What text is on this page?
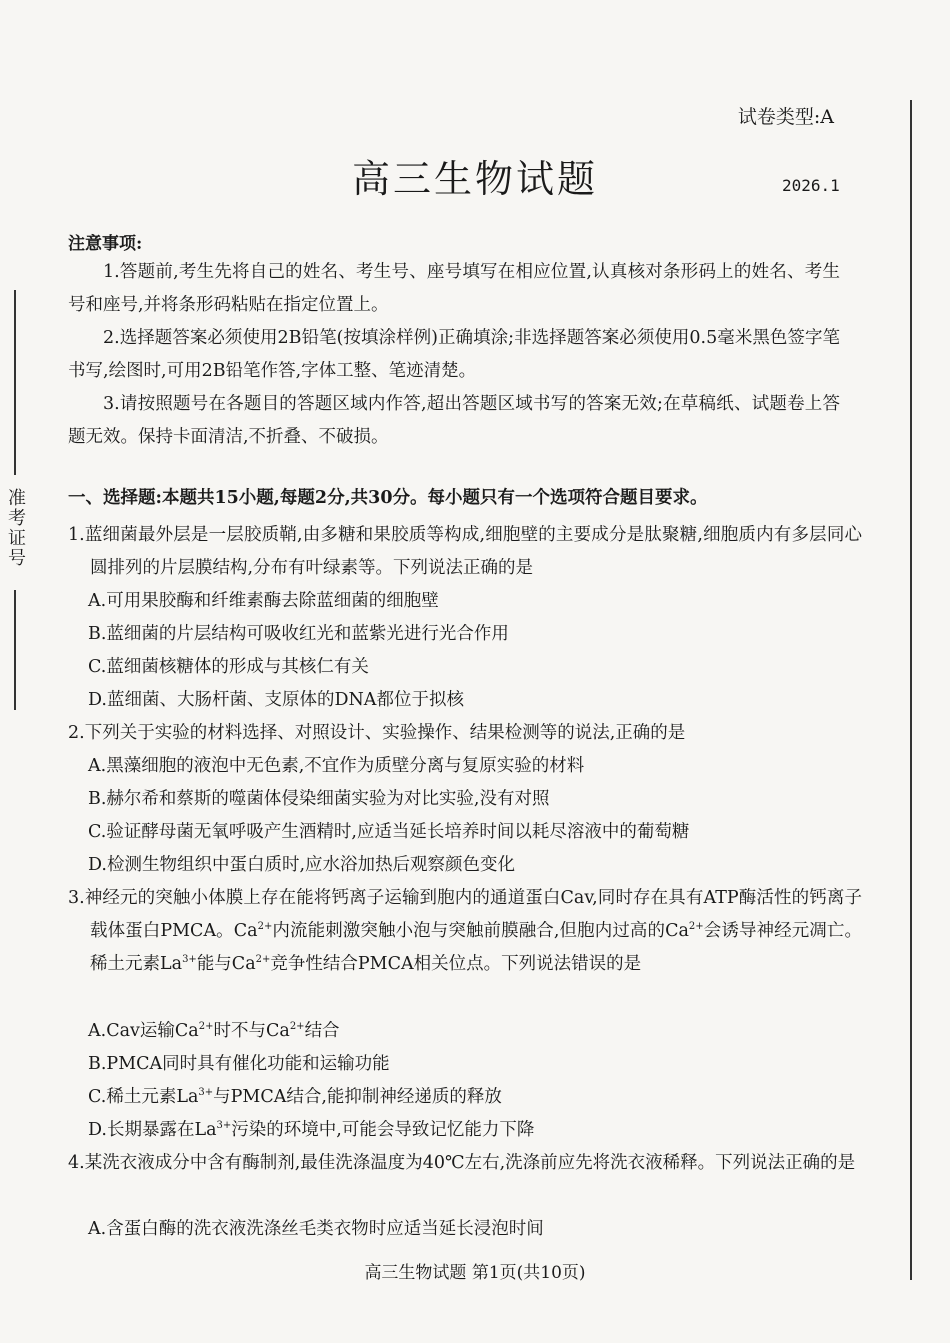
准考证号
试卷类型:A
高三生物试题	2026.1
注意事项:
1.答题前,考生先将自己的姓名、考生号、座号填写在相应位置,认真核对条形码上的姓名、考生号和座号,并将条形码粘贴在指定位置上。
2.选择题答案必须使用2B铅笔(按填涂样例)正确填涂;非选择题答案必须使用0.5毫米黑色签字笔书写,绘图时,可用2B铅笔作答,字体工整、笔迹清楚。
3.请按照题号在各题目的答题区域内作答,超出答题区域书写的答案无效;在草稿纸、试题卷上答题无效。保持卡面清洁,不折叠、不破损。
一、选择题:本题共15小题,每题2分,共30分。每小题只有一个选项符合题目要求。
1.蓝细菌最外层是一层胶质鞘,由多糖和果胶质等构成,细胞壁的主要成分是肽聚糖,细胞质内有多层同心圆排列的片层膜结构,分布有叶绿素等。下列说法正确的是
A.可用果胶酶和纤维素酶去除蓝细菌的细胞壁
B.蓝细菌的片层结构可吸收红光和蓝紫光进行光合作用
C.蓝细菌核糖体的形成与其核仁有关
D.蓝细菌、大肠杆菌、支原体的DNA都位于拟核
2.下列关于实验的材料选择、对照设计、实验操作、结果检测等的说法,正确的是
A.黑藻细胞的液泡中无色素,不宜作为质壁分离与复原实验的材料
B.赫尔希和蔡斯的噬菌体侵染细菌实验为对比实验,没有对照
C.验证酵母菌无氧呼吸产生酒精时,应适当延长培养时间以耗尽溶液中的葡萄糖
D.检测生物组织中蛋白质时,应水浴加热后观察颜色变化
3.神经元的突触小体膜上存在能将钙离子运输到胞内的通道蛋白Cav,同时存在具有ATP酶活性的钙离子载体蛋白PMCA。$Ca^{2+}$内流能刺激突触小泡与突触前膜融合,但胞内过高的$Ca^{2+}$会诱导神经元凋亡。稀土元素$La^{3+}$能与$Ca^{2+}$竞争性结合PMCA相关位点。下列说法错误的是
A.Cav运输$Ca^{2+}$时不与$Ca^{2+}$结合
B.PMCA同时具有催化功能和运输功能
C.稀土元素$La^{3+}$与PMCA结合,能抑制神经递质的释放
D.长期暴露在$La^{3+}$污染的环境中,可能会导致记忆能力下降
4.某洗衣液成分中含有酶制剂,最佳洗涤温度为40℃左右,洗涤前应先将洗衣液稀释。下列说法正确的是
A.含蛋白酶的洗衣液洗涤丝毛类衣物时应适当延长浸泡时间
高三生物试题 第1页(共10页)
